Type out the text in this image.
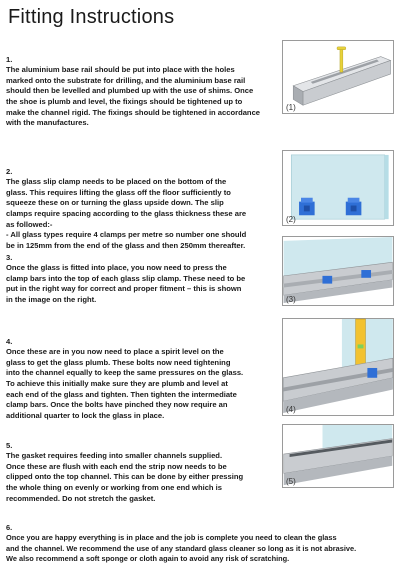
Fitting Instructions

1.
The aluminium base rail should be put into place with the holes
marked onto the substrate for drilling, and the aluminium base rail
should then be levelled and plumbed up with the use of shims. Once
the shoe is plumb and level, the fixings should be tightened up to
make the channel rigid. The fixings should be tightened in accordance
with the manufactures.

(1)

2.
The glass slip clamp needs to be placed on the bottom of the
glass. This requires lifting the glass off the floor sufficiently to
squeeze these on or turning the glass upside down. The slip
clamps require spacing according to the glass thickness these are
as followed:-
- All glass types require 4 clamps per metre so number one should
be in 125mm from the end of the glass and then 250mm thereafter.

(2)

3.
Once the glass is fitted into place, you now need to press the
clamp bars into the top of each glass slip clamp. These need to be
put in the right way for correct and proper fitment – this is shown
in the image on the right.	(3)

4.
Once these are in you now need to place a spirit level on the
glass to get the glass plumb. These bolts now need tightening
into the channel equally to keep the same pressures on the glass.
To achieve this initially make sure they are plumb and level at
each end of the glass and tighten. Then tighten the intermediate
clamp bars. Once the bolts have pinched they now require an
additional quarter to lock the glass in place.

(4)

5.
The gasket requires feeding into smaller channels supplied.
Once these are flush with each end the strip now needs to be
clipped onto the top channel. This can be done by either pressing
the whole thing on evenly or working from one end which is
recommended. Do not stretch the gasket.

(5)

6.
Once you are happy everything is in place and the job is complete you need to clean the glass
and the channel. We recommend the use of any standard glass cleaner so long as it is not abrasive.
We also recommend a soft sponge or cloth again to avoid any risk of scratching.
